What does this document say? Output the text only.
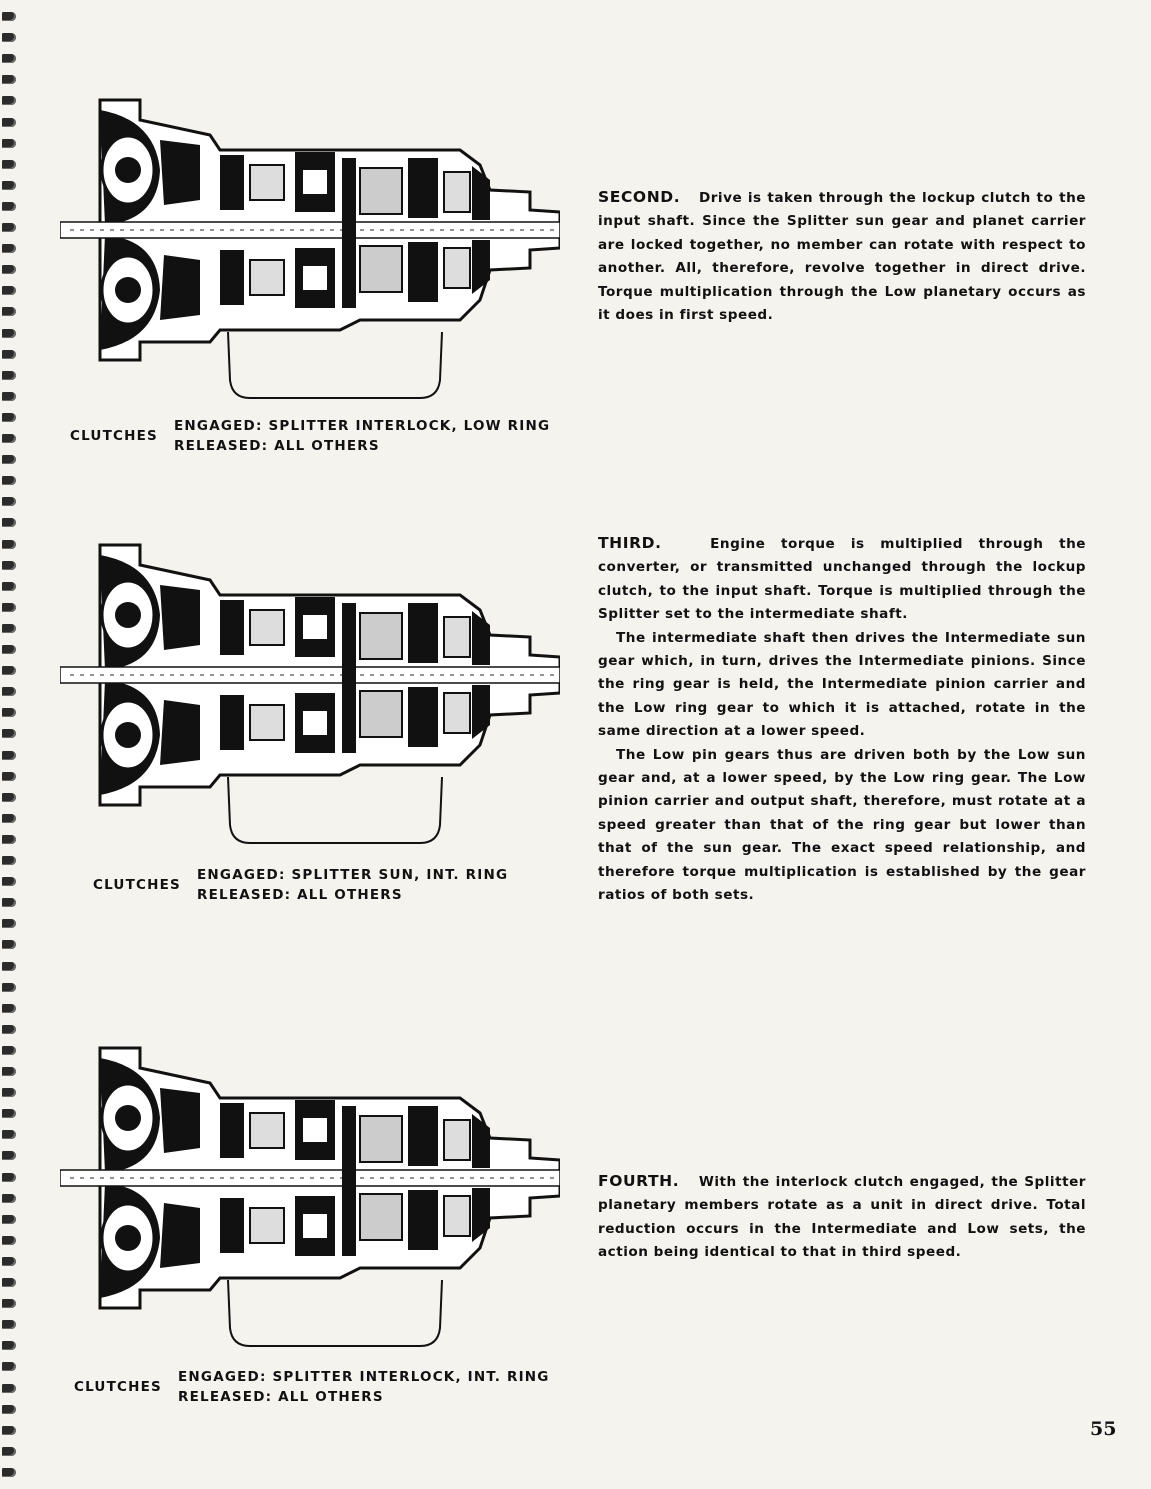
CLUTCHES
ENGAGED: SPLITTER INTERLOCK, LOW RING
RELEASED: ALL OTHERS
CLUTCHES
ENGAGED: SPLITTER SUN, INT. RING
RELEASED: ALL OTHERS
CLUTCHES
ENGAGED: SPLITTER INTERLOCK, INT. RING
RELEASED: ALL OTHERS

SECOND.   Drive is taken through the lockup clutch to the input shaft. Since the Splitter sun gear and planet carrier are locked together, no member can rotate with respect to another. All, therefore, revolve together in direct drive. Torque multiplication through the Low planetary occurs as it does in first speed.

THIRD.   Engine torque is multiplied through the converter, or transmitted unchanged through the lockup clutch, to the input shaft. Torque is multiplied through the Splitter set to the intermediate shaft.

The intermediate shaft then drives the Intermediate sun gear which, in turn, drives the Intermediate pinions. Since the ring gear is held, the Intermediate pinion carrier and the Low ring gear to which it is attached, rotate in the same direction at a lower speed.

The Low pin gears thus are driven both by the Low sun gear and, at a lower speed, by the Low ring gear. The Low pinion carrier and output shaft, therefore, must rotate at a speed greater than that of the ring gear but lower than that of the sun gear. The exact speed relationship, and therefore torque multiplication is established by the gear ratios of both sets.

FOURTH.   With the interlock clutch engaged, the Splitter planetary members rotate as a unit in direct drive. Total reduction occurs in the Intermediate and Low sets, the action being identical to that in third speed.

55
